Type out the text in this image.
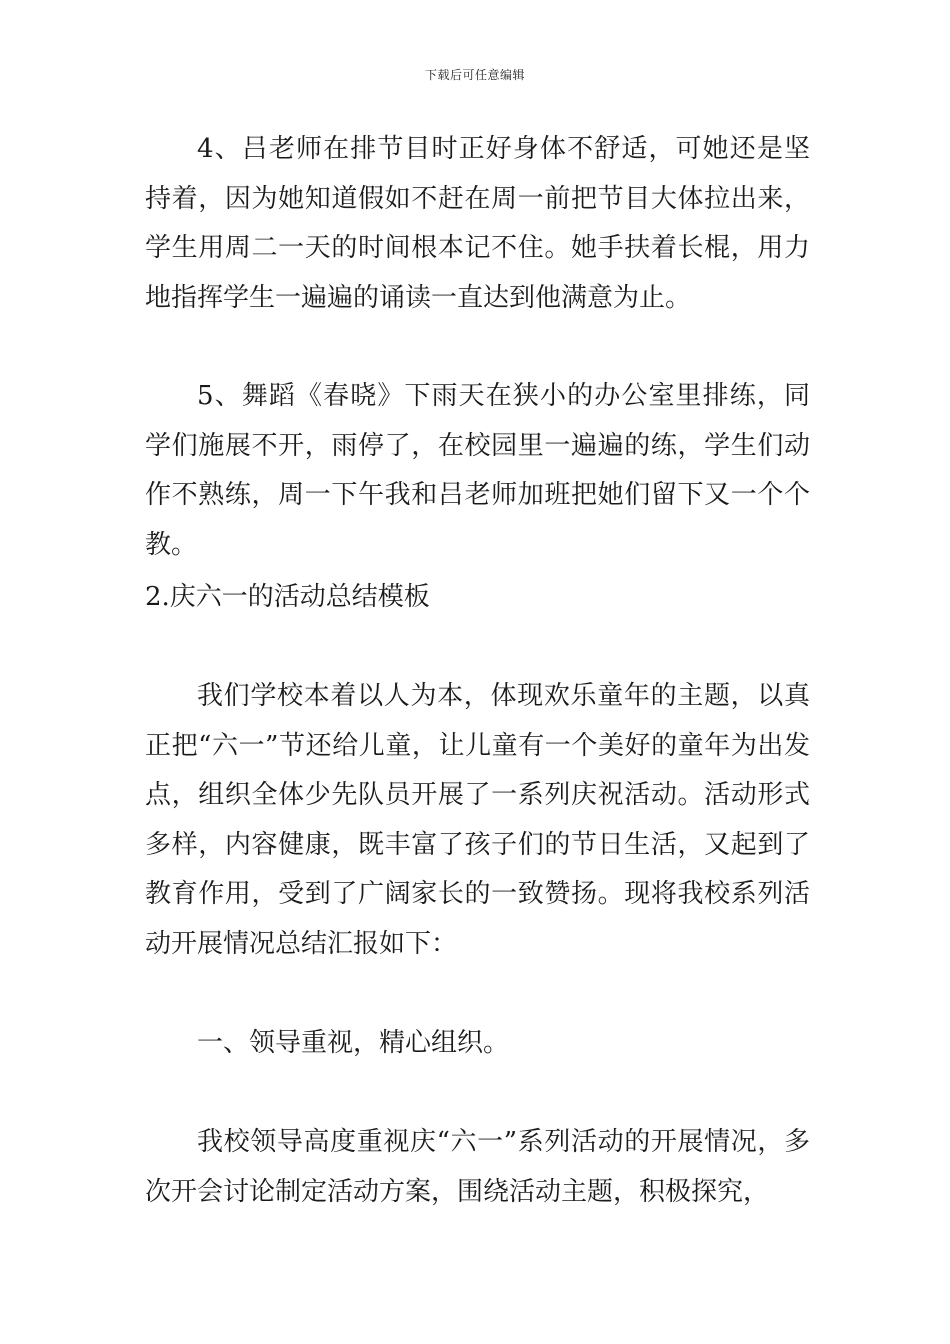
下载后可任意编辑

4、吕老师在排节目时正好身体不舒适，可她还是坚持着，因为她知道假如不赶在周一前把节目大体拉出来，学生用周二一天的时间根本记不住。她手扶着长棍，用力地指挥学生一遍遍的诵读一直达到他满意为止。

5、舞蹈《春晓》下雨天在狭小的办公室里排练，同学们施展不开，雨停了，在校园里一遍遍的练，学生们动作不熟练，周一下午我和吕老师加班把她们留下又一个个教。

2.庆六一的活动总结模板

我们学校本着以人为本，体现欢乐童年的主题，以真正把“六一”节还给儿童，让儿童有一个美好的童年为出发点，组织全体少先队员开展了一系列庆祝活动。活动形式多样，内容健康，既丰富了孩子们的节日生活，又起到了教育作用，受到了广阔家长的一致赞扬。现将我校系列活动开展情况总结汇报如下：

一、领导重视，精心组织。

我校领导高度重视庆“六一”系列活动的开展情况，多次开会讨论制定活动方案，围绕活动主题，积极探究，
